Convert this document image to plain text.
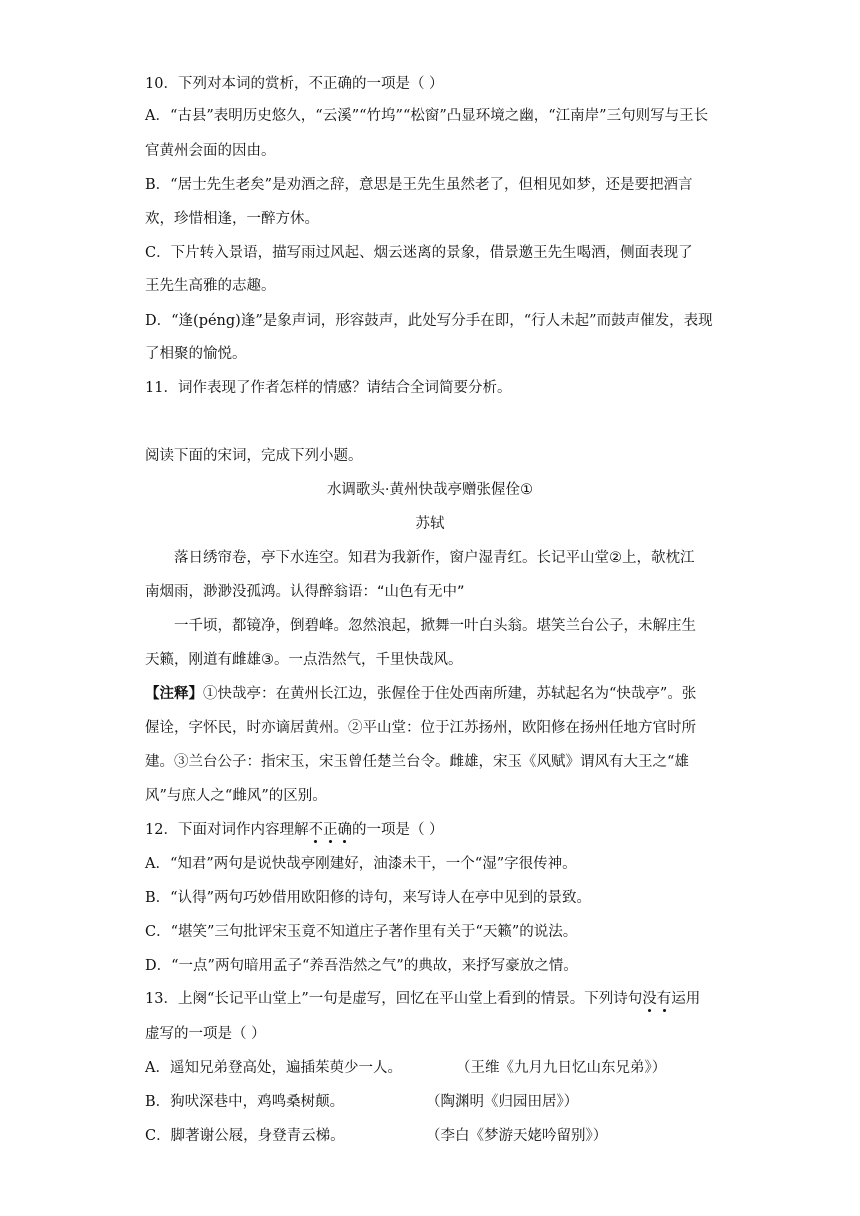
10．下列对本词的赏析，不正确的一项是（ ）
A．“古县”表明历史悠久，“云溪”“竹坞”“松窗”凸显环境之幽，“江南岸”三句则写与王长
官黄州会面的因由。
B．“居士先生老矣”是劝酒之辞，意思是王先生虽然老了，但相见如梦，还是要把酒言
欢，珍惜相逢，一醉方休。
C．下片转入景语，描写雨过风起、烟云迷离的景象，借景邀王先生喝酒，侧面表现了
王先生高雅的志趣。
D．“逢(péng)逢”是象声词，形容鼓声，此处写分手在即，“行人未起”而鼓声催发，表现
了相聚的愉悦。
11．词作表现了作者怎样的情感？请结合全词简要分析。
阅读下面的宋词，完成下列小题。
水调歌头·黄州快哉亭赠张偓佺①
苏轼
落日绣帘卷，亭下水连空。知君为我新作，窗户湿青红。长记平山堂②上，欹枕江
南烟雨，渺渺没孤鸿。认得醉翁语：“山色有无中”
一千顷，都镜净，倒碧峰。忽然浪起，掀舞一叶白头翁。堪笑兰台公子，未解庄生
天籁，刚道有雌雄③。一点浩然气，千里快哉风。
【注释】①快哉亭：在黄州长江边，张偓佺于住处西南所建，苏轼起名为“快哉亭”。张
偓诠，字怀民，时亦谪居黄州。②平山堂：位于江苏扬州，欧阳修在扬州任地方官时所
建。③兰台公子：指宋玉，宋玉曾任楚兰台令。雌雄，宋玉《风赋》谓风有大王之“雄
风”与庶人之“雌风”的区别。
12．下面对词作内容理解不正确的一项是（ ）
A．“知君”两句是说快哉亭刚建好，油漆未干，一个“湿”字很传神。
B．“认得”两句巧妙借用欧阳修的诗句，来写诗人在亭中见到的景致。
C．“堪笑”三句批评宋玉竟不知道庄子著作里有关于“天籁”的说法。
D．“一点”两句暗用孟子“养吾浩然之气”的典故，来抒写豪放之情。
13．上阕“长记平山堂上”一句是虚写，回忆在平山堂上看到的情景。下列诗句没有运用
虚写的一项是（ ）
A．遥知兄弟登高处，遍插茱萸少一人。	（王维《九月九日忆山东兄弟》）
B．狗吠深巷中，鸡鸣桑树颠。	（陶渊明《归园田居》）
C．脚著谢公屐，身登青云梯。	（李白《梦游天姥吟留别》）
